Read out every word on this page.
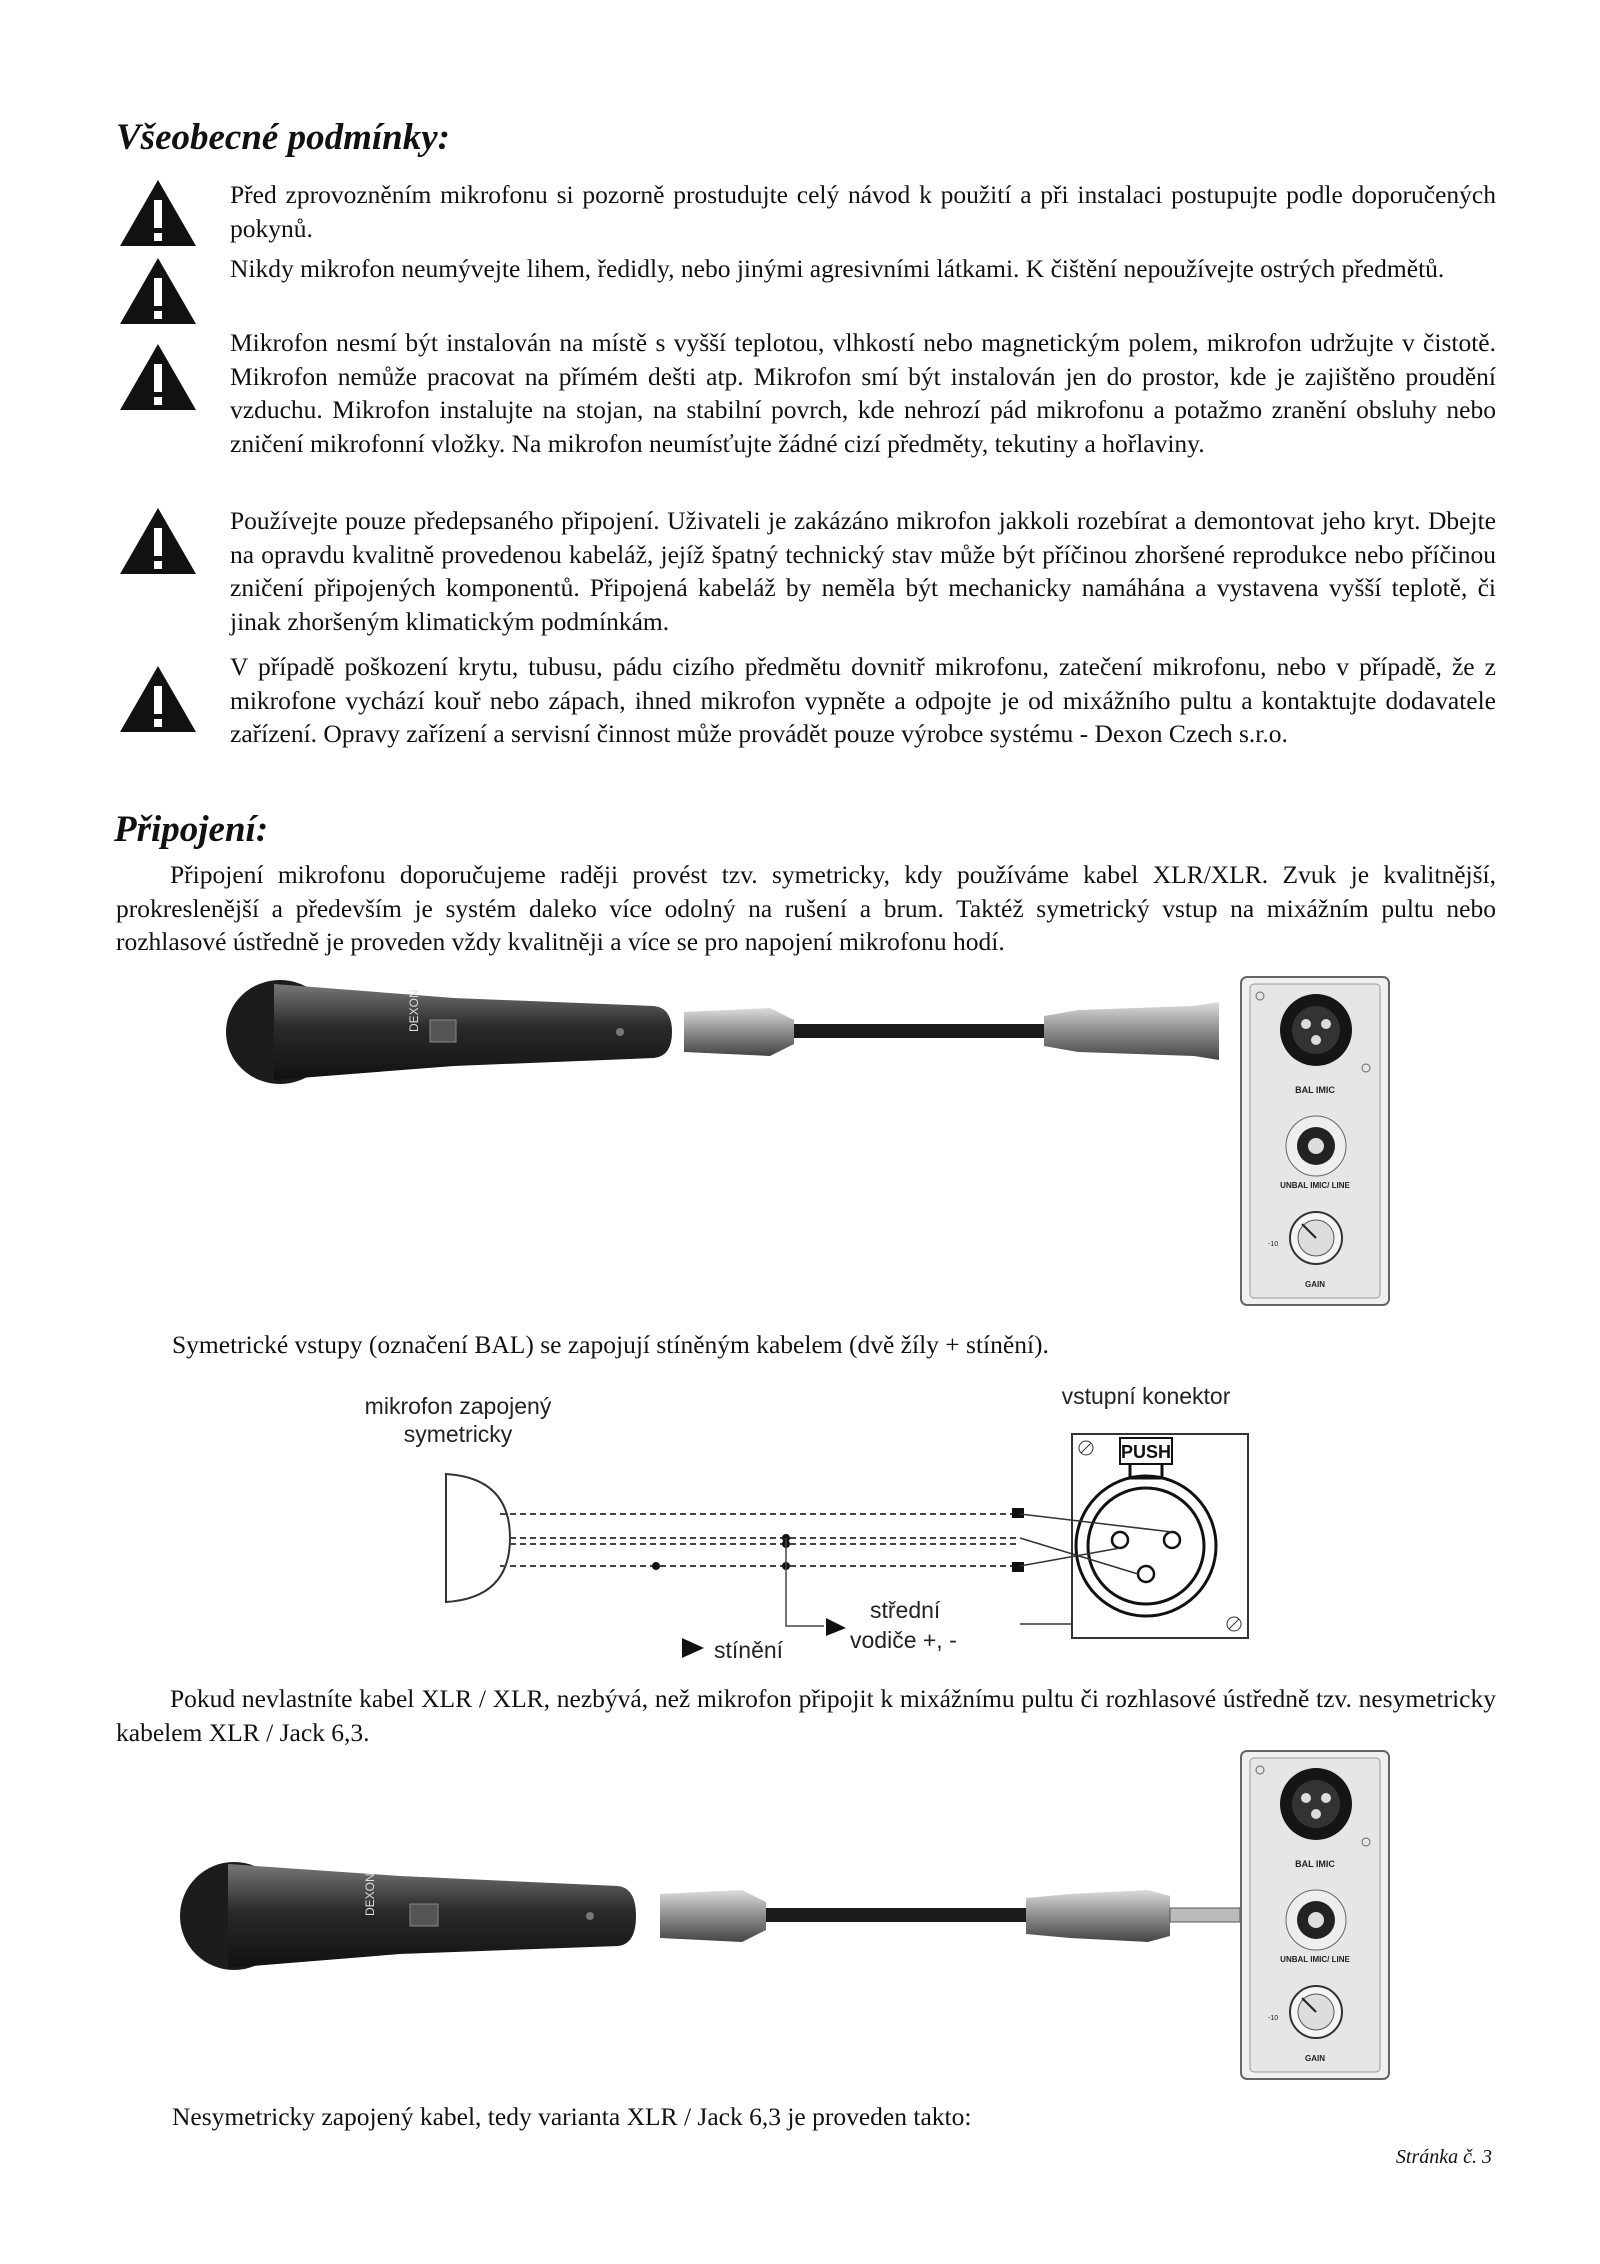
Všeobecné podmínky:
Před zprovozněním mikrofonu si pozorně prostudujte celý návod k použití a při instalaci postupujte podle doporučených pokynů.
Nikdy mikrofon neumývejte lihem, ředidly, nebo jinými agresivními látkami. K čištění nepoužívejte ostrých předmětů.
Mikrofon nesmí být instalován na místě s vyšší teplotou, vlhkostí nebo magnetickým polem, mikrofon udržujte v čistotě. Mikrofon nemůže pracovat na přímém dešti atp. Mikrofon smí být instalován jen do prostor, kde je zajištěno proudění vzduchu. Mikrofon instalujte na stojan, na stabilní povrch, kde nehrozí pád mikrofonu a potažmo zranění obsluhy nebo zničení mikrofonní vložky. Na mikrofon neumísťujte žádné cizí předměty, tekutiny a hořlaviny.
Používejte pouze předepsaného připojení. Uživateli je zakázáno mikrofon jakkoli rozebírat a demontovat jeho kryt. Dbejte na opravdu kvalitně provedenou kabeláž, jejíž špatný technický stav může být příčinou zhoršené reprodukce nebo příčinou zničení připojených komponentů. Připojená kabeláž by neměla být mechanicky namáhána a vystavena vyšší teplotě, či jinak zhoršeným klimatickým podmínkám.
V případě poškození krytu, tubusu, pádu cizího předmětu dovnitř mikrofonu, zatečení mikrofonu, nebo v případě, že z mikrofone vychází kouř nebo zápach, ihned mikrofon vypněte a odpojte je od mixážního pultu a kontaktujte dodavatele zařízení. Opravy zařízení a servisní činnost může provádět pouze výrobce systému - Dexon Czech s.r.o.
Připojení:
Připojení mikrofonu doporučujeme raději provést tzv. symetricky, kdy používáme kabel XLR/XLR. Zvuk je kvalitnější, prokreslenější a především je systém daleko více odolný na rušení a brum. Taktéž symetrický vstup na mixážním pultu nebo rozhlasové ústředně je proveden vždy kvalitněji a více se pro napojení mikrofonu hodí.
DEXON
BAL IMIC
UNBAL IMIC/ LINE
-10
GAIN
Symetrické vstupy (označení BAL) se zapojují stíněným kabelem (dvě žíly + stínění).
mikrofon zapojený
symetricky
vstupní konektor
PUSH
střední
vodiče +, -
stínění
Pokud nevlastníte kabel XLR / XLR, nezbývá, než mikrofon připojit k mixážnímu pultu či rozhlasové ústředně tzv. nesymetricky kabelem XLR / Jack 6,3.
DEXON
BAL IMIC
UNBAL IMIC/ LINE
-10
GAIN
Nesymetricky zapojený kabel, tedy varianta XLR / Jack 6,3 je proveden takto:
Stránka č. 3
